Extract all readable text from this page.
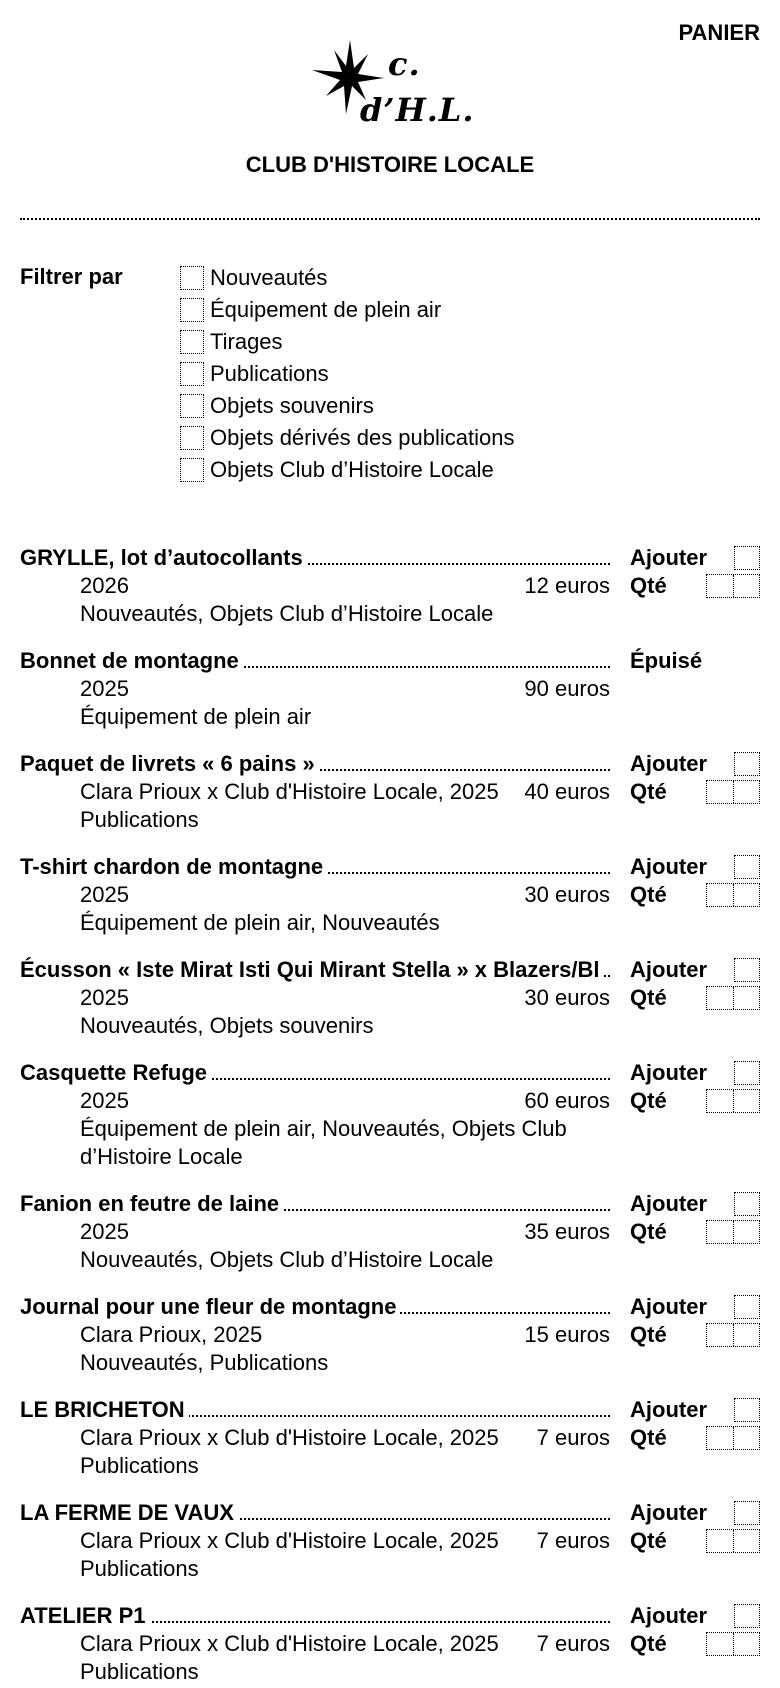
PANIER
c.
d’H.L.
CLUB D'HISTOIRE LOCALE
Filtrer par	Nouveautés
Équipement de plein air
Tirages
Publications
Objets souvenirs
Objets dérivés des publications
Objets Club d’Histoire Locale
GRYLLE, lot d’autocollants
2026	12 euros
Nouveautés, Objets Club d’Histoire Locale
Ajouter
Qté
Bonnet de montagne
2025	90 euros
Équipement de plein air
Épuisé
Paquet de livrets « 6 pains »
Clara Prioux x Club d'Histoire Locale, 2025 40 euros
Publications
Ajouter
Qté
T-shirt chardon de montagne
2025	30 euros
Équipement de plein air, Nouveautés
Ajouter
Qté
Écusson « Iste Mirat Isti Qui Mirant Stella » x Blazers/Bl
2025	30 euros
Nouveautés, Objets souvenirs
Ajouter
Qté
Casquette Refuge
2025	60 euros
Équipement de plein air, Nouveautés, Objets Club d’Histoire Locale
Ajouter
Qté
Fanion en feutre de laine
2025	35 euros
Nouveautés, Objets Club d’Histoire Locale
Ajouter
Qté
Journal pour une fleur de montagne
Clara Prioux, 2025	15 euros
Nouveautés, Publications
Ajouter
Qté
LE BRICHETON
Clara Prioux x Club d'Histoire Locale, 2025 7 euros
Publications
Ajouter
Qté
LA FERME DE VAUX
Clara Prioux x Club d'Histoire Locale, 2025 7 euros
Publications
Ajouter
Qté
ATELIER P1
Clara Prioux x Club d'Histoire Locale, 2025 7 euros
Publications
Ajouter
Qté
